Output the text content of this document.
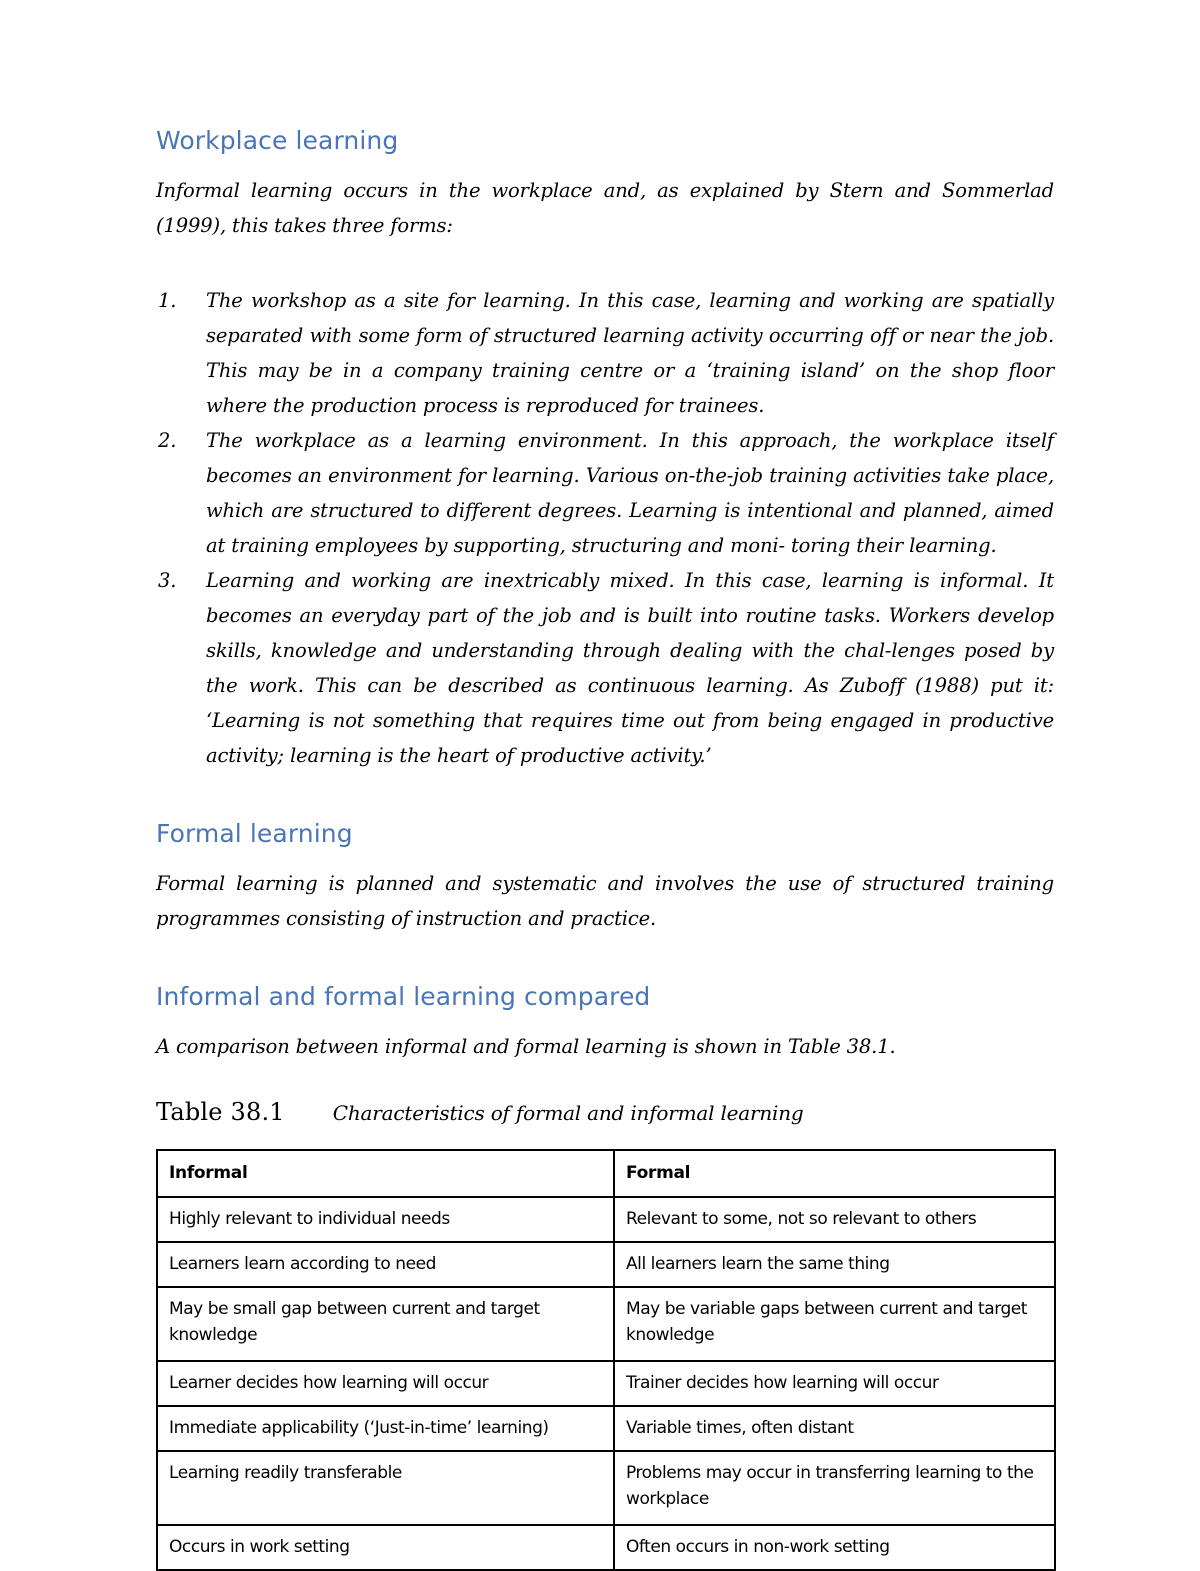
Workplace learning

Informal learning occurs in the workplace and, as explained by Stern and Sommerlad (1999), this takes three forms:

1. The workshop as a site for learning. In this case, learning and working are spatially separated with some form of structured learning activity occurring off or near the job. This may be in a company training centre or a ‘training island’ on the shop floor where the production process is reproduced for trainees.
2. The workplace as a learning environment. In this approach, the workplace itself becomes an environment for learning. Various on-the-job training activities take place, which are structured to different degrees. Learning is intentional and planned, aimed at training employees by supporting, structuring and moni- toring their learning.
3. Learning and working are inextricably mixed. In this case, learning is informal. It becomes an everyday part of the job and is built into routine tasks. Workers develop skills, knowledge and understanding through dealing with the chal-lenges posed by the work. This can be described as continuous learning. As Zuboff (1988) put it: ‘Learning is not something that requires time out from being engaged in productive activity; learning is the heart of productive activity.’
Formal learning

Formal learning is planned and systematic and involves the use of structured training programmes consisting of instruction and practice.

Informal and formal learning compared

A comparison between informal and formal learning is shown in Table 38.1.

Table 38.1 Characteristics of formal and informal learning
Informal	Formal
Highly relevant to individual needs	Relevant to some, not so relevant to others
Learners learn according to need	All learners learn the same thing
May be small gap between current and target knowledge	May be variable gaps between current and target knowledge
Learner decides how learning will occur	Trainer decides how learning will occur
Immediate applicability (‘Just-in-time’ learning)	Variable times, often distant
Learning readily transferable	Problems may occur in transferring learning to the workplace
Occurs in work setting	Often occurs in non-work setting
